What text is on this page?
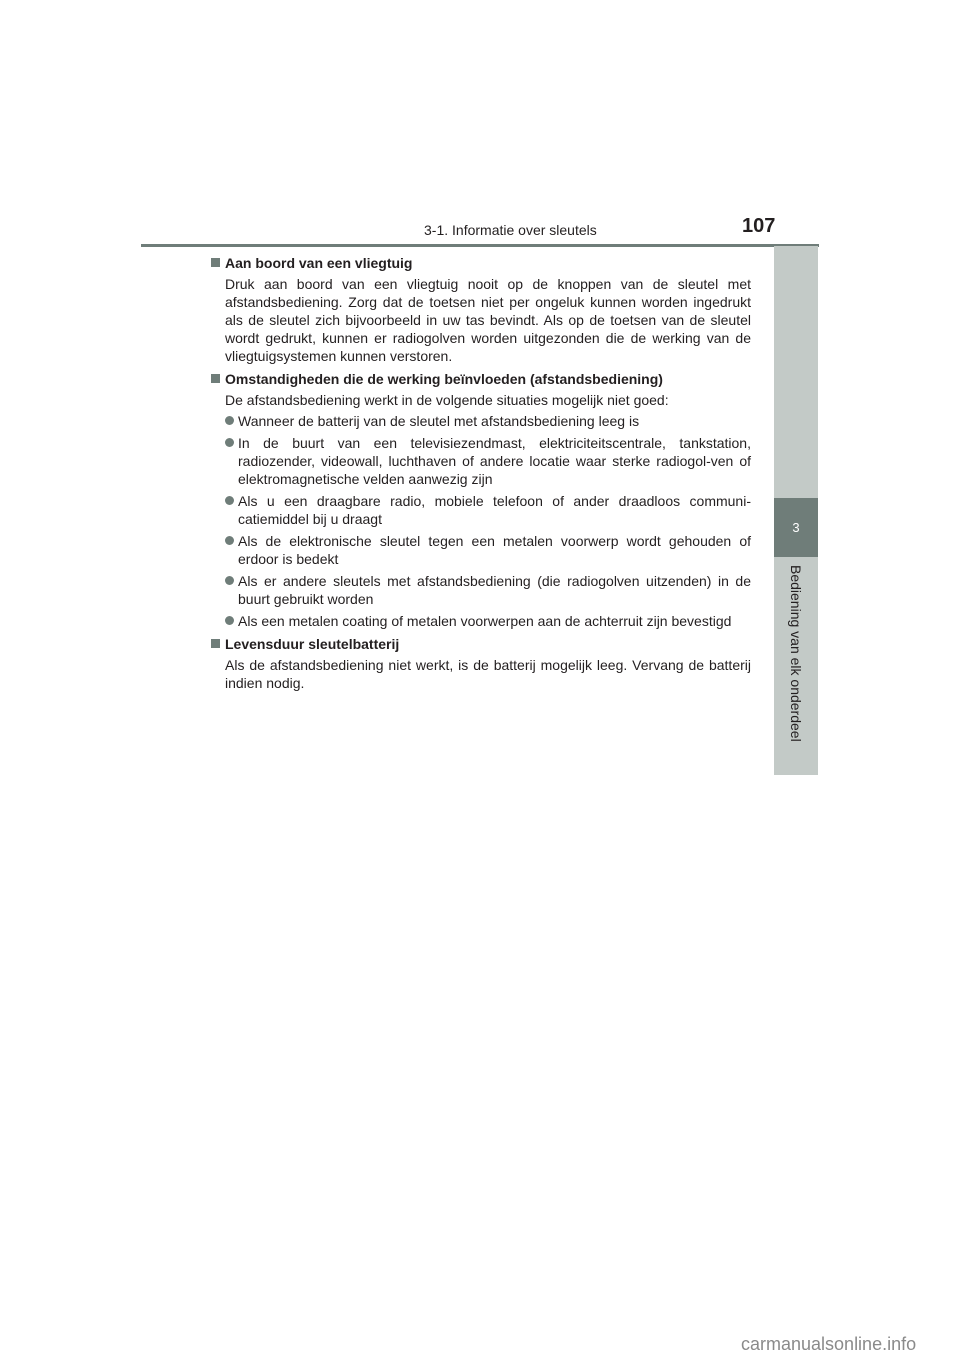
3-1. Informatie over sleutels	107
3
Bediening van elk onderdeel
Aan boord van een vliegtuig
Druk aan boord van een vliegtuig nooit op de knoppen van de sleutel met afstandsbediening. Zorg dat de toetsen niet per ongeluk kunnen worden ingedrukt als de sleutel zich bijvoorbeeld in uw tas bevindt. Als op de toetsen van de sleutel wordt gedrukt, kunnen er radiogolven worden uitgezonden die de werking van de vliegtuigsystemen kunnen verstoren.
Omstandigheden die de werking beïnvloeden (afstandsbediening)
De afstandsbediening werkt in de volgende situaties mogelijk niet goed:
Wanneer de batterij van de sleutel met afstandsbediening leeg is
In de buurt van een televisiezendmast, elektriciteitscentrale, tankstation, radiozender, videowall, luchthaven of andere locatie waar sterke radiogol-ven of elektromagnetische velden aanwezig zijn
Als u een draagbare radio, mobiele telefoon of ander draadloos communi-catiemiddel bij u draagt
Als de elektronische sleutel tegen een metalen voorwerp wordt gehouden of erdoor is bedekt
Als er andere sleutels met afstandsbediening (die radiogolven uitzenden) in de buurt gebruikt worden
Als een metalen coating of metalen voorwerpen aan de achterruit zijn bevestigd
Levensduur sleutelbatterij
Als de afstandsbediening niet werkt, is de batterij mogelijk leeg. Vervang de batterij indien nodig.
carmanualsonline.info
